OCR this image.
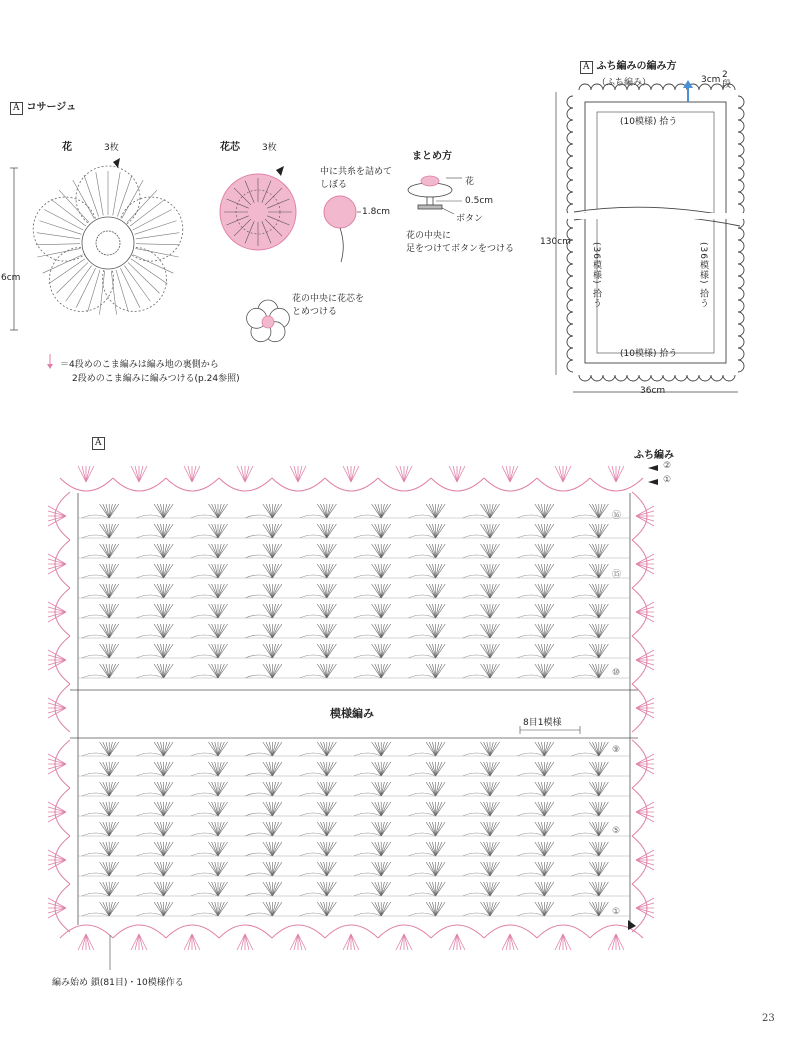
A コサージュ
花	3枚
6cm
花芯 3枚
中に共糸を詰めて
しぼる
1.8cm
花の中央に花芯を
とめつける
まとめ方
花
0.5cm
ボタン
花の中央に
足をつけてボタンをつける
＝4段めのこま編みは編み地の裏側から
2段めのこま編みに編みつける(p.24参照)
A ふち編みの編み方
（ふち編み）	3cm 2段
(10模様) 拾う
(10模様) 拾う
(36模様) 拾う	(36模様) 拾う
130cm
36cm
A
ふち編み
②
①
模様編み
8目1模様
⑯
⑮
⑩
⑨
⑤
①
編み始め 鎖(81目)・10模様作る
23
